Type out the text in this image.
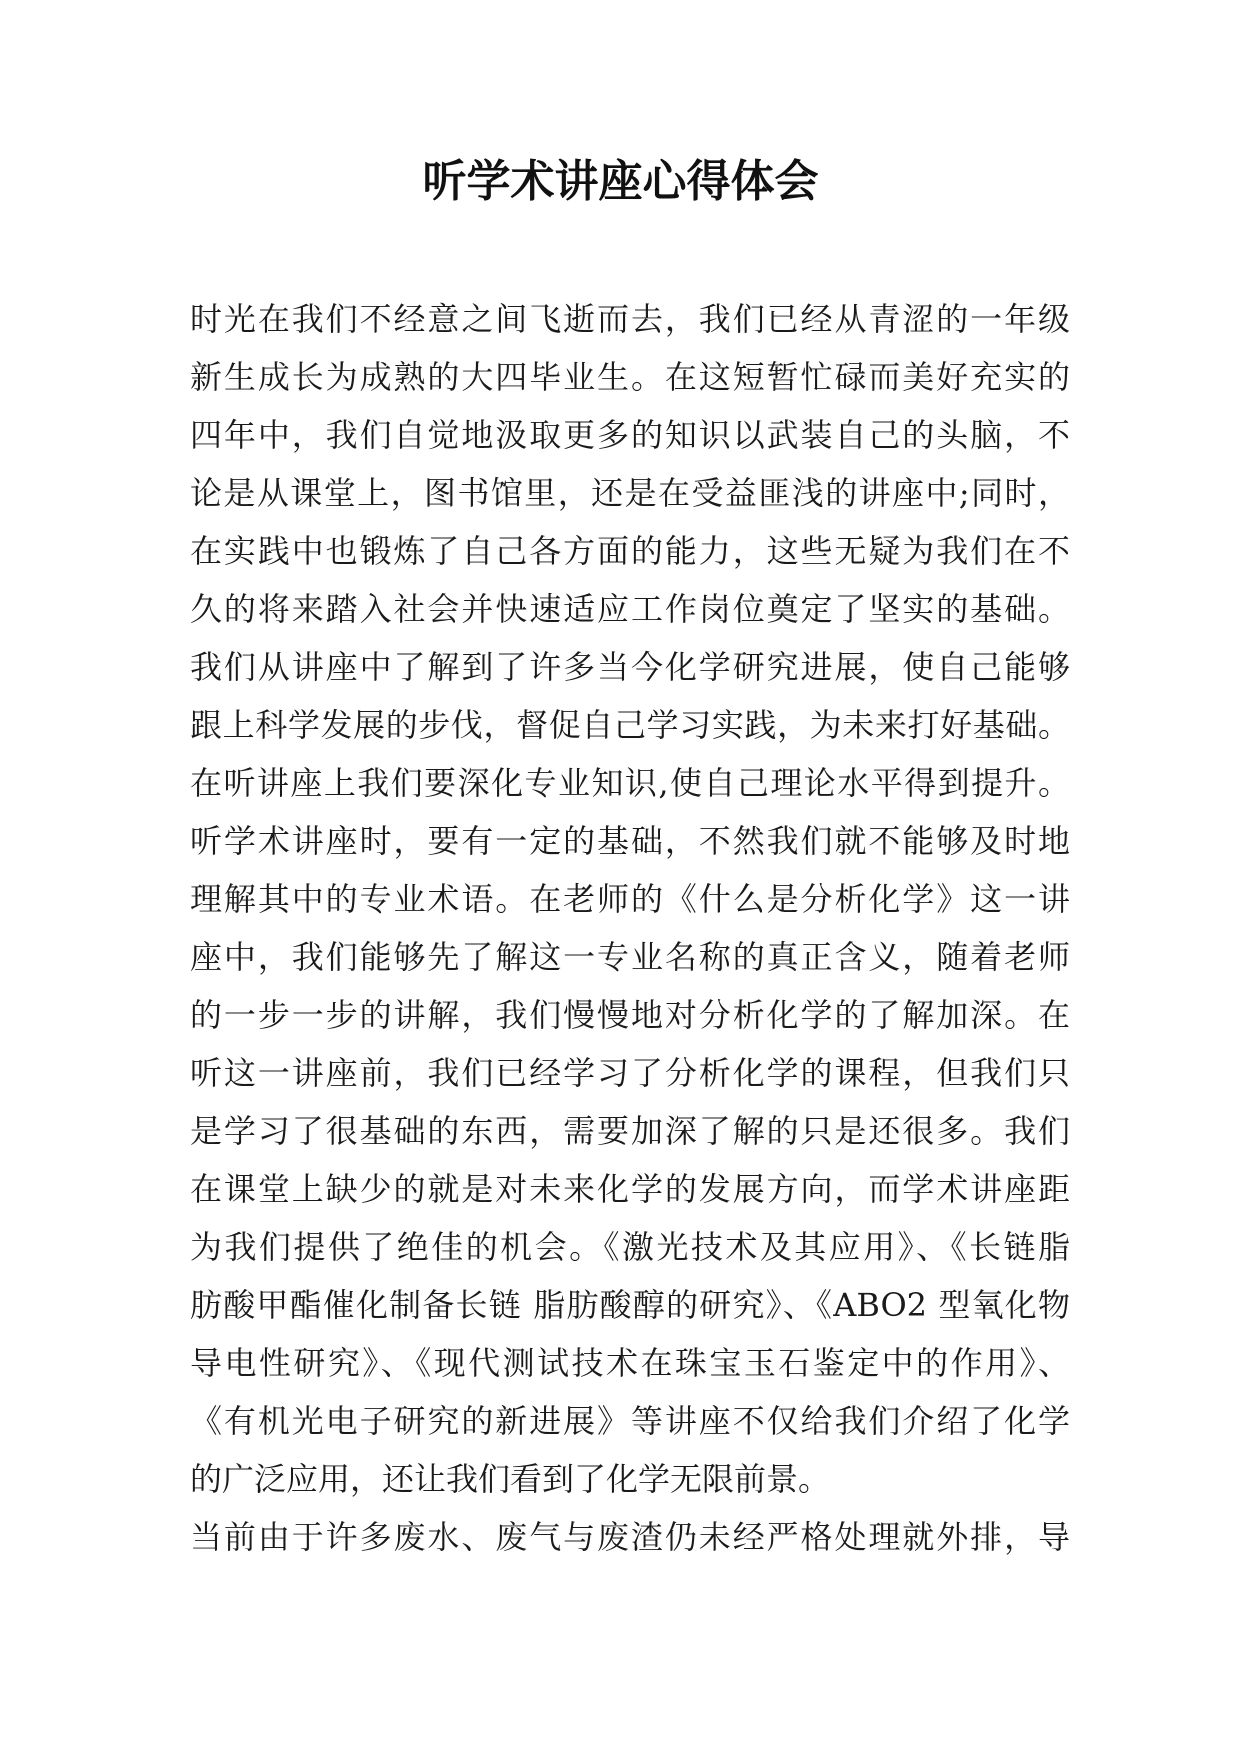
听学术讲座心得体会
时光在我们不经意之间飞逝而去，我们已经从青涩的一年级
新生成长为成熟的大四毕业生。在这短暂忙碌而美好充实的
四年中，我们自觉地汲取更多的知识以武装自己的头脑，不
论是从课堂上，图书馆里，还是在受益匪浅的讲座中;同时，
在实践中也锻炼了自己各方面的能力，这些无疑为我们在不
久的将来踏入社会并快速适应工作岗位奠定了坚实的基础。
我们从讲座中了解到了许多当今化学研究进展，使自己能够
跟上科学发展的步伐，督促自己学习实践，为未来打好基础。
在听讲座上我们要深化专业知识,使自己理论水平得到提升。
听学术讲座时，要有一定的基础，不然我们就不能够及时地
理解其中的专业术语。在老师的《什么是分析化学》这一讲
座中，我们能够先了解这一专业名称的真正含义，随着老师
的一步一步的讲解，我们慢慢地对分析化学的了解加深。在
听这一讲座前，我们已经学习了分析化学的课程，但我们只
是学习了很基础的东西，需要加深了解的只是还很多。我们
在课堂上缺少的就是对未来化学的发展方向，而学术讲座距
为我们提供了绝佳的机会。《激光技术及其应用》、《长链脂
肪酸甲酯催化制备长链 脂肪酸醇的研究》、《ABO2 型氧化物
导电性研究》、《现代测试技术在珠宝玉石鉴定中的作用》、
《有机光电子研究的新进展》等讲座不仅给我们介绍了化学
的广泛应用，还让我们看到了化学无限前景。
当前由于许多废水、废气与废渣仍未经严格处理就外排，导
